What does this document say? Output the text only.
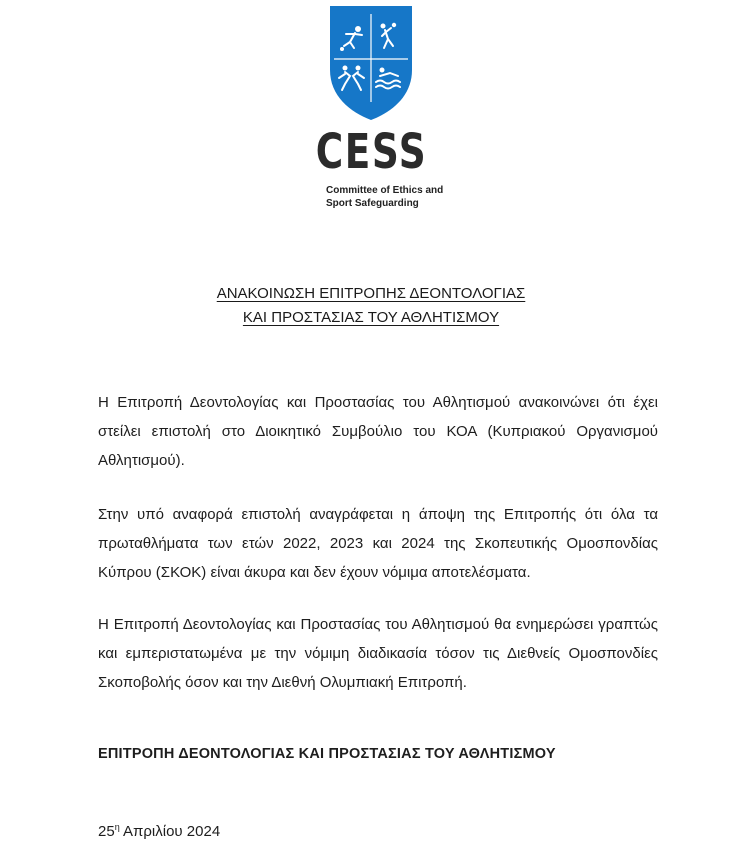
CESS
Committee of Ethics and
Sport Safeguarding
ΑΝΑΚΟΙΝΩΣΗ ΕΠΙΤΡΟΠΗΣ ΔΕΟΝΤΟΛΟΓΙΑΣ
ΚΑΙ ΠΡΟΣΤΑΣΙΑΣ ΤΟΥ ΑΘΛΗΤΙΣΜΟΥ
Η Επιτροπή Δεοντολογίας και Προστασίας του Αθλητισμού ανακοινώνει ότι έχει στείλει επιστολή στο Διοικητικό Συμβούλιο του ΚΟΑ (Κυπριακού Οργανισμού Αθλητισμού).
Στην υπό αναφορά επιστολή αναγράφεται η άποψη της Επιτροπής ότι όλα τα πρωταθλήματα των ετών 2022, 2023 και 2024 της Σκοπευτικής Ομοσπονδίας Κύπρου (ΣΚΟΚ) είναι άκυρα και δεν έχουν νόμιμα αποτελέσματα.
Η Επιτροπή Δεοντολογίας και Προστασίας του Αθλητισμού θα ενημερώσει γραπτώς και εμπεριστατωμένα με την νόμιμη διαδικασία τόσον τις Διεθνείς Ομοσπονδίες Σκοποβολής όσον και την Διεθνή Ολυμπιακή Επιτροπή.
ΕΠΙΤΡΟΠΗ ΔΕΟΝΤΟΛΟΓΙΑΣ ΚΑΙ ΠΡΟΣΤΑΣΙΑΣ ΤΟΥ ΑΘΛΗΤΙΣΜΟΥ
$25^\eta$ Απριλίου 2024
